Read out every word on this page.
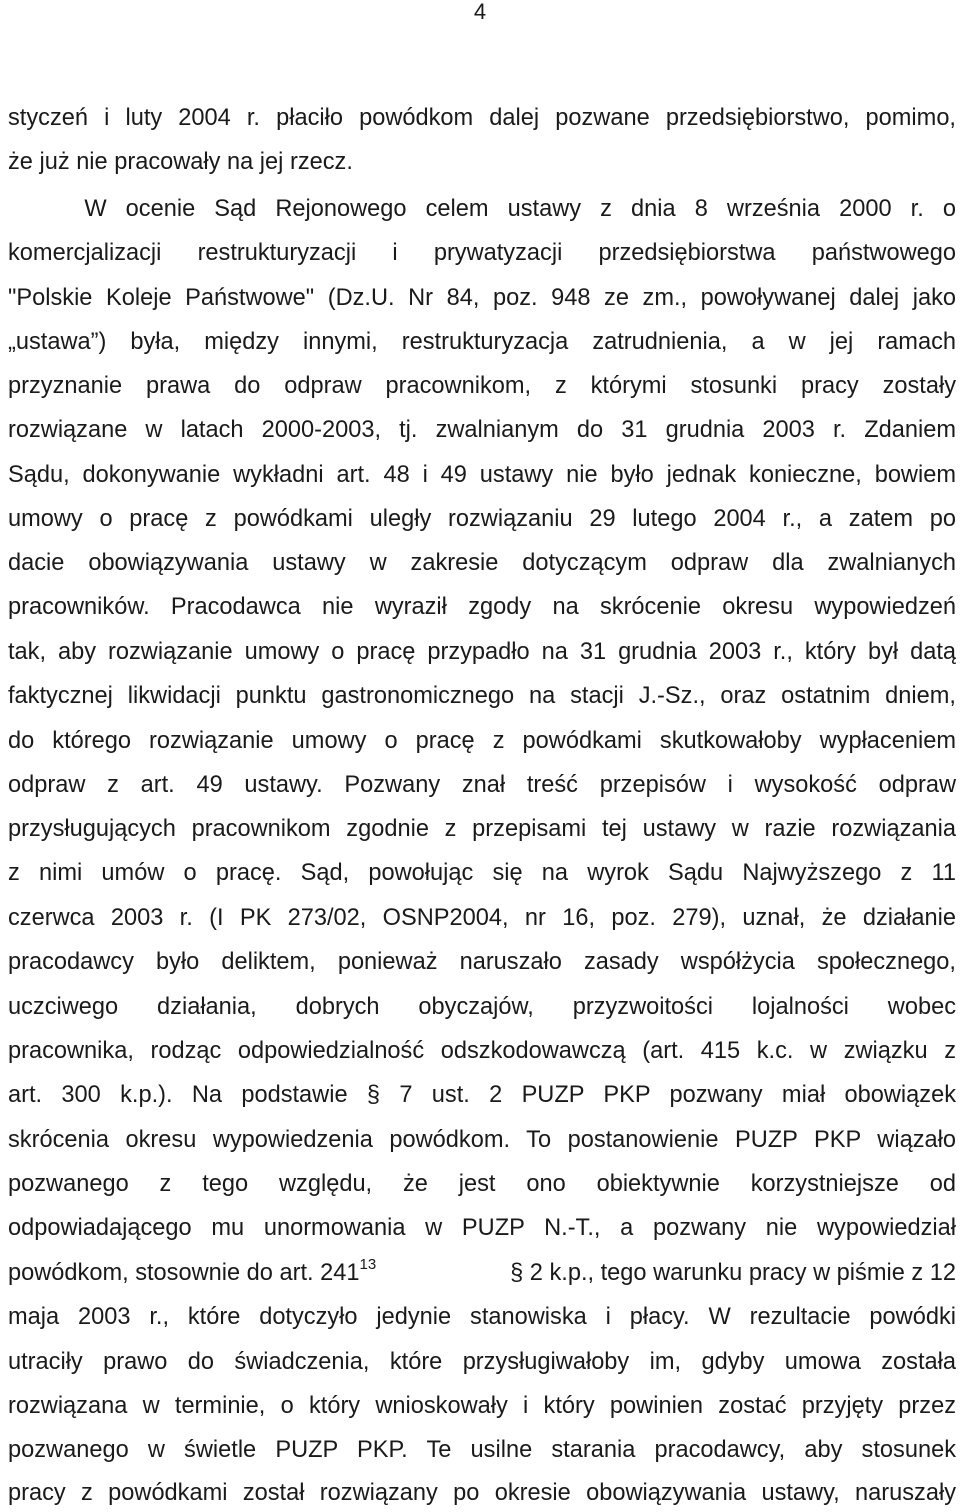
4
styczeń i luty 2004 r. płaciło powódkom dalej pozwane przedsiębiorstwo, pomimo,
że już nie pracowały na jej rzecz.
W ocenie Sąd Rejonowego celem ustawy z dnia 8 września 2000 r. o
komercjalizacji restrukturyzacji i prywatyzacji przedsiębiorstwa państwowego
"Polskie Koleje Państwowe" (Dz.U. Nr 84, poz. 948 ze zm., powoływanej dalej jako
„ustawa”) była, między innymi, restrukturyzacja zatrudnienia, a w jej ramach
przyznanie prawa do odpraw pracownikom, z którymi stosunki pracy zostały
rozwiązane w latach 2000-2003, tj. zwalnianym do 31 grudnia 2003 r. Zdaniem
Sądu, dokonywanie wykładni art. 48 i 49 ustawy nie było jednak konieczne, bowiem
umowy o pracę z powódkami uległy rozwiązaniu 29 lutego 2004 r., a zatem po
dacie obowiązywania ustawy w zakresie dotyczącym odpraw dla zwalnianych
pracowników. Pracodawca nie wyraził zgody na skrócenie okresu wypowiedzeń
tak, aby rozwiązanie umowy o pracę przypadło na 31 grudnia 2003 r., który był datą
faktycznej likwidacji punktu gastronomicznego na stacji J.-Sz., oraz ostatnim dniem,
do którego rozwiązanie umowy o pracę z powódkami skutkowałoby wypłaceniem
odpraw z art. 49 ustawy. Pozwany znał treść przepisów i wysokość odpraw
przysługujących pracownikom zgodnie z przepisami tej ustawy w razie rozwiązania
z nimi umów o pracę. Sąd, powołując się na wyrok Sądu Najwyższego z 11
czerwca 2003 r. (I PK 273/02, OSNP2004, nr 16, poz. 279), uznał, że działanie
pracodawcy było deliktem, ponieważ naruszało zasady współżycia społecznego,
uczciwego działania, dobrych obyczajów, przyzwoitości lojalności wobec
pracownika, rodząc odpowiedzialność odszkodowawczą (art. 415 k.c. w związku z
art. 300 k.p.). Na podstawie § 7 ust. 2 PUZP PKP pozwany miał obowiązek
skrócenia okresu wypowiedzenia powódkom. To postanowienie PUZP PKP wiązało
pozwanego z tego względu, że jest ono obiektywnie korzystniejsze od
odpowiadającego mu unormowania w PUZP N.-T., a pozwany nie wypowiedział
powódkom, stosownie do art. $241^{13}$	§ 2 k.p., tego warunku pracy w piśmie z 12
maja 2003 r., które dotyczyło jedynie stanowiska i płacy. W rezultacie powódki
utraciły prawo do świadczenia, które przysługiwałoby im, gdyby umowa została
rozwiązana w terminie, o który wnioskowały i który powinien zostać przyjęty przez
pozwanego w świetle PUZP PKP. Te usilne starania pracodawcy, aby stosunek
pracy z powódkami został rozwiązany po okresie obowiązywania ustawy, naruszały
